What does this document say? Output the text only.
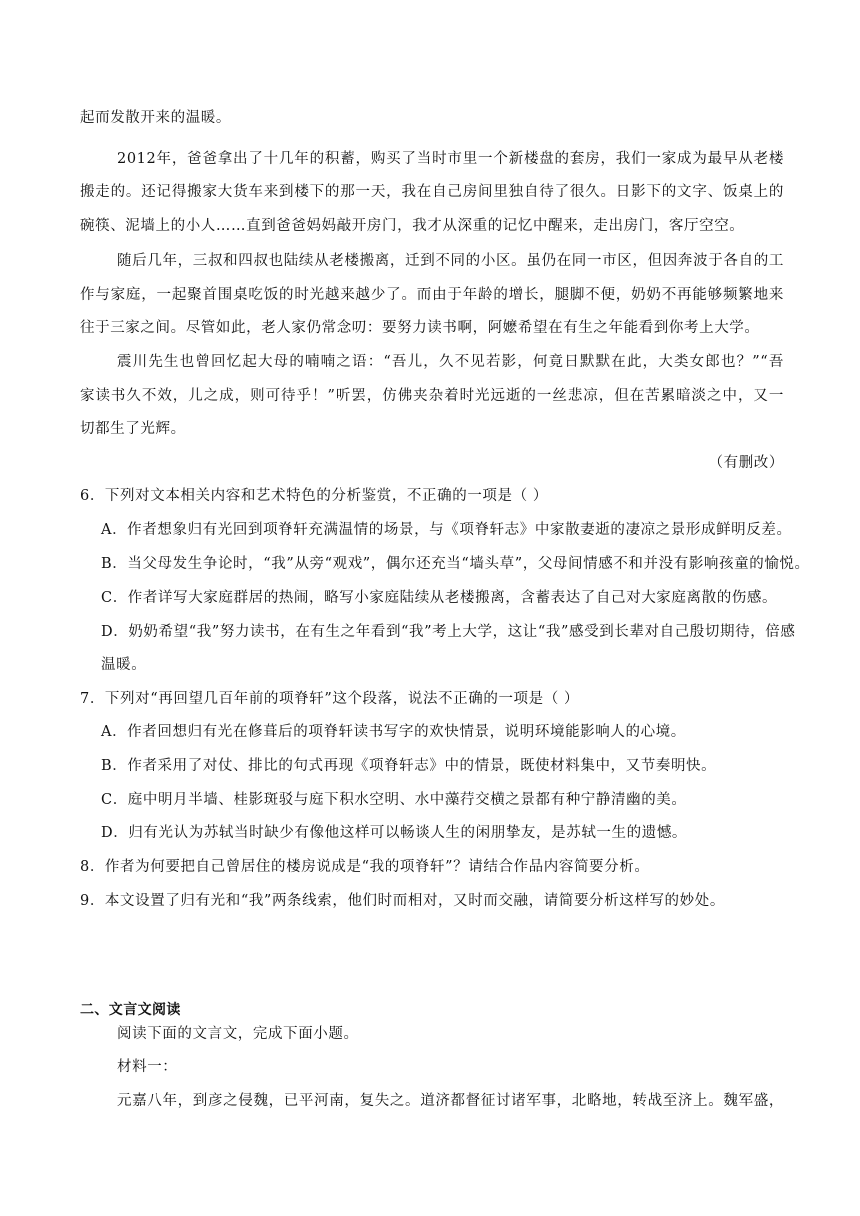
起而发散开来的温暖。
2012年，爸爸拿出了十几年的积蓄，购买了当时市里一个新楼盘的套房，我们一家成为最早从老楼
搬走的。还记得搬家大货车来到楼下的那一天，我在自己房间里独自待了很久。日影下的文字、饭桌上的
碗筷、泥墙上的小人……直到爸爸妈妈敲开房门，我才从深重的记忆中醒来，走出房门，客厅空空。
随后几年，三叔和四叔也陆续从老楼搬离，迁到不同的小区。虽仍在同一市区，但因奔波于各自的工
作与家庭，一起聚首围桌吃饭的时光越来越少了。而由于年龄的增长，腿脚不便，奶奶不再能够频繁地来
往于三家之间。尽管如此，老人家仍常念叨：要努力读书啊，阿嬷希望在有生之年能看到你考上大学。
震川先生也曾回忆起大母的喃喃之语：“吾儿，久不见若影，何竟日默默在此，大类女郎也？”“吾
家读书久不效，儿之成，则可待乎！”听罢，仿佛夹杂着时光远逝的一丝悲凉，但在苦累暗淡之中，又一
切都生了光辉。
（有删改）
6．下列对文本相关内容和艺术特色的分析鉴赏，不正确的一项是（ ）
A．作者想象归有光回到项脊轩充满温情的场景，与《项脊轩志》中家散妻逝的凄凉之景形成鲜明反差。
B．当父母发生争论时，“我”从旁“观戏”，偶尔还充当“墙头草”，父母间情感不和并没有影响孩童的愉悦。
C．作者详写大家庭群居的热闹，略写小家庭陆续从老楼搬离，含蓄表达了自己对大家庭离散的伤感。
D．奶奶希望“我”努力读书，在有生之年看到“我”考上大学，这让“我”感受到长辈对自己殷切期待，倍感
温暖。
7．下列对“再回望几百年前的项脊轩”这个段落，说法不正确的一项是（ ）
A．作者回想归有光在修葺后的项脊轩读书写字的欢快情景，说明环境能影响人的心境。
B．作者采用了对仗、排比的句式再现《项脊轩志》中的情景，既使材料集中，又节奏明快。
C．庭中明月半墙、桂影斑驳与庭下积水空明、水中藻荇交横之景都有种宁静清幽的美。
D．归有光认为苏轼当时缺少有像他这样可以畅谈人生的闲朋挚友，是苏轼一生的遗憾。
8．作者为何要把自己曾居住的楼房说成是“我的项脊轩”？请结合作品内容简要分析。
9．本文设置了归有光和“我”两条线索，他们时而相对，又时而交融，请简要分析这样写的妙处。
二、文言文阅读
阅读下面的文言文，完成下面小题。
材料一：
元嘉八年，到彦之侵魏，已平河南，复失之。道济都督征讨诸军事，北略地，转战至济上。魏军盛，
